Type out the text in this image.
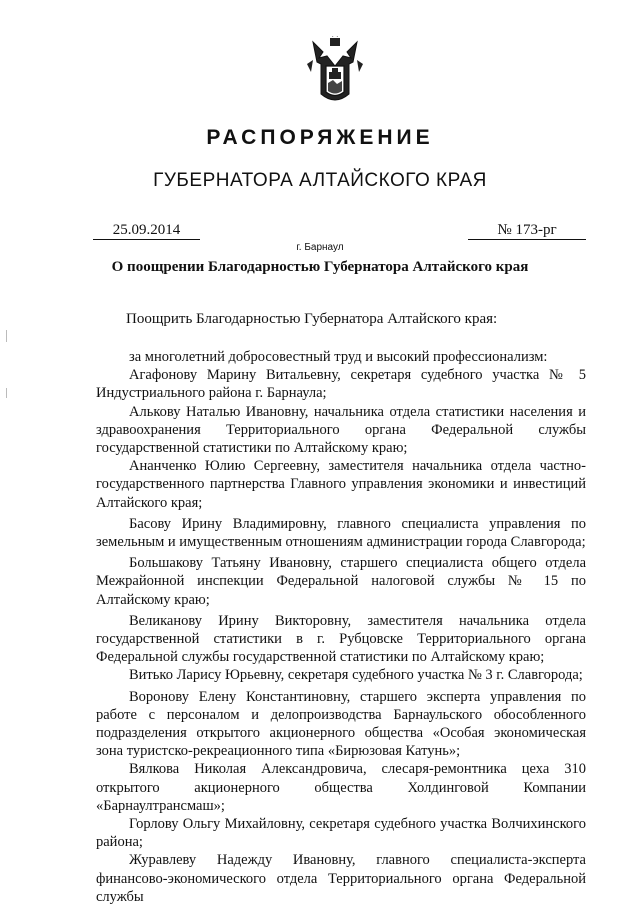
РАСПОРЯЖЕНИЕ
ГУБЕРНАТОРА АЛТАЙСКОГО КРАЯ
25.09.2014	№ 173-рг
г. Барнаул
О поощрении Благодарностью Губернатора Алтайского края
Поощрить Благодарностью Губернатора Алтайского края:

за многолетний добросовестный труд и высокий профессионализм:

Агафонову Марину Витальевну, секретаря судебного участка № 5 Индустриального района г. Барнаула;

Алькову Наталью Ивановну, начальника отдела статистики населения и здравоохранения Территориального органа Федеральной службы государственной статистики по Алтайскому краю;

Ананченко Юлию Сергеевну, заместителя начальника отдела частно-государственного партнерства Главного управления экономики и инвестиций Алтайского края;

Басову Ирину Владимировну, главного специалиста управления по земельным и имущественным отношениям администрации города Славгорода;

Большакову Татьяну Ивановну, старшего специалиста общего отдела Межрайонной инспекции Федеральной налоговой службы № 15 по Алтайскому краю;

Великанову Ирину Викторовну, заместителя начальника отдела государственной статистики в г. Рубцовске Территориального органа Федеральной службы государственной статистики по Алтайскому краю;

Витько Ларису Юрьевну, секретаря судебного участка № 3 г. Славгорода;

Воронову Елену Константиновну, старшего эксперта управления по работе с персоналом и делопроизводства Барнаульского обособленного подразделения открытого акционерного общества «Особая экономическая зона туристско-рекреационного типа «Бирюзовая Катунь»;

Вялкова Николая Александровича, слесаря-ремонтника цеха 310 открытого акционерного общества Холдинговой Компании «Барнаултрансмаш»;

Горлову Ольгу Михайловну, секретаря судебного участка Волчихинского района;

Журавлеву Надежду Ивановну, главного специалиста-эксперта финансово-экономического отдела Территориального органа Федеральной службы
